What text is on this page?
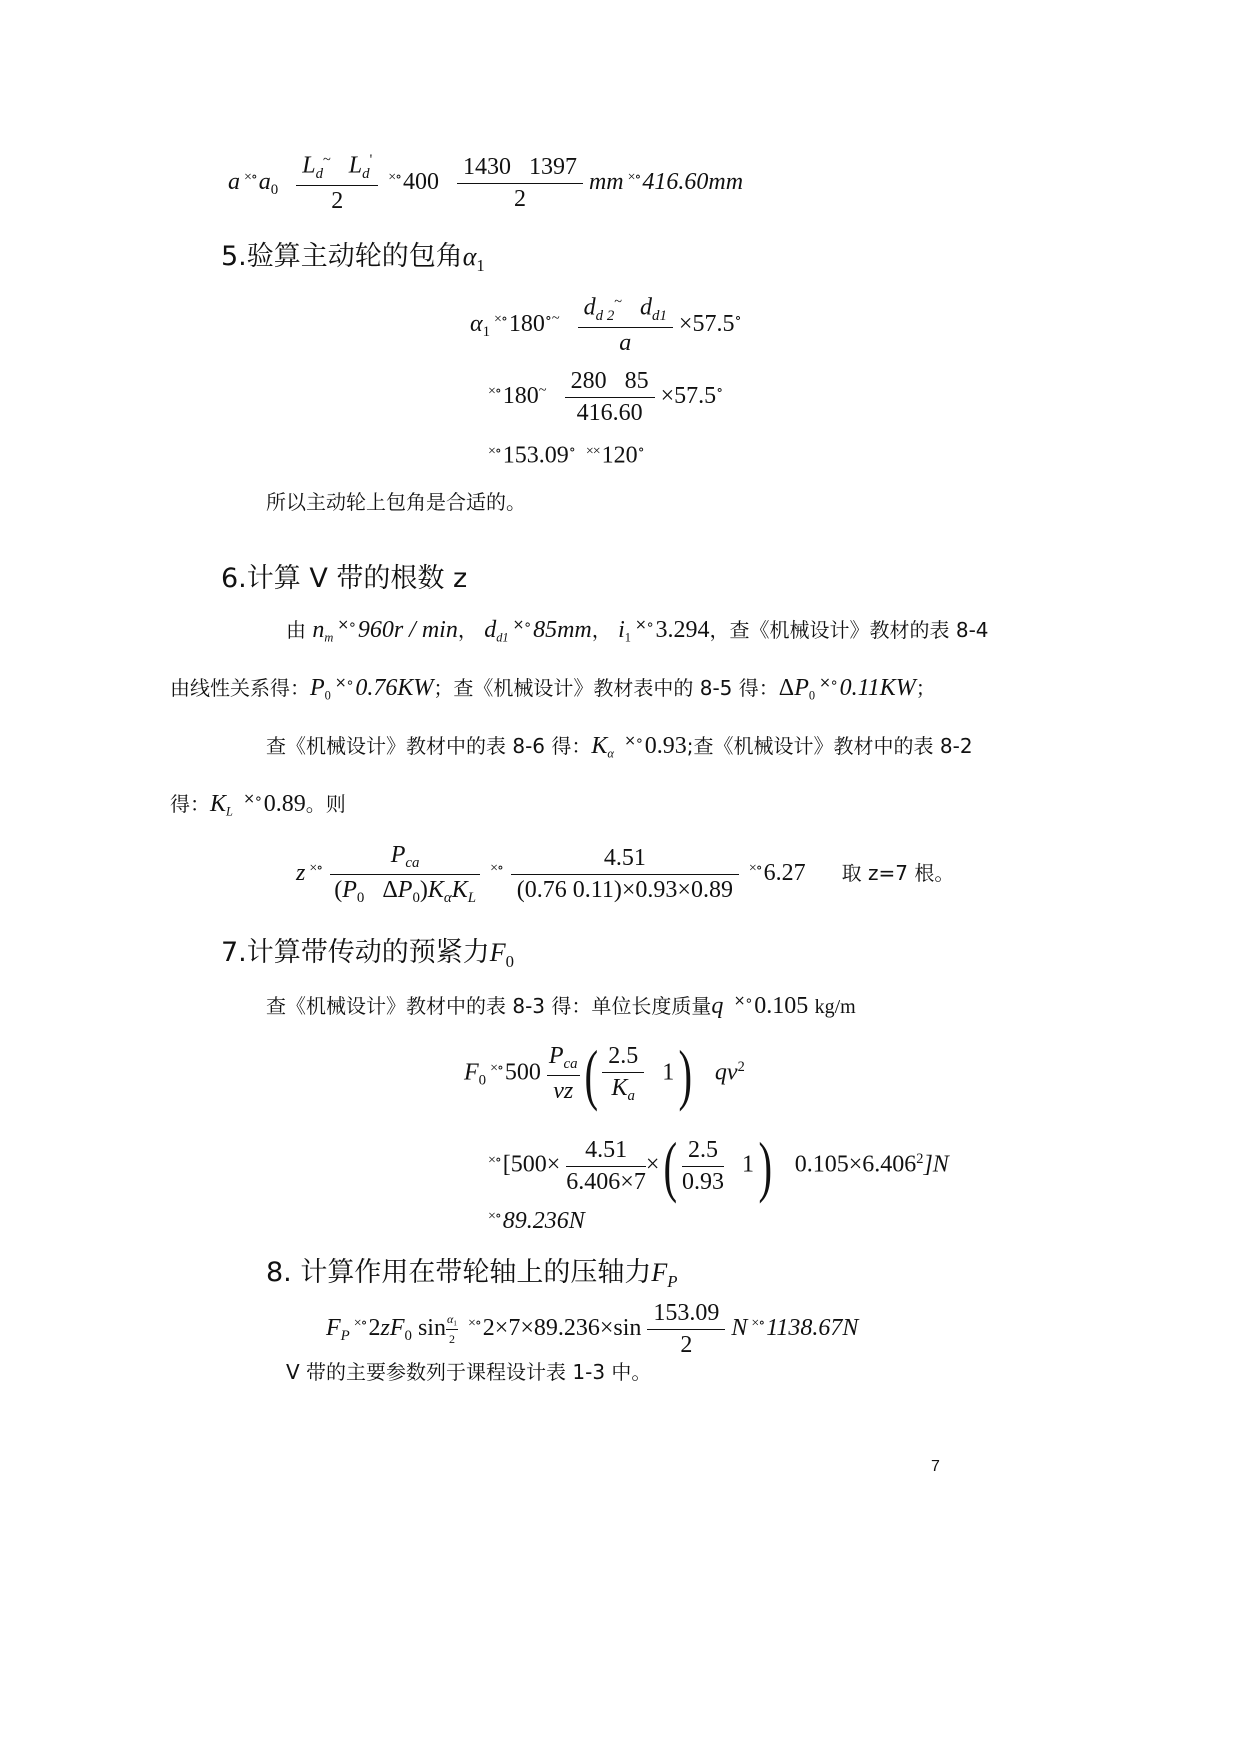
a $^{\times\circ}a_0 \frac{L_d^\sim L_d'}{2} ^{\times\circ}400 \frac{1430 1397}{2}$ mm ×∘416.60mm
5.验算主动轮的包角$\alpha_1$
$\alpha_1^{\times\circ}180^{\circ\sim} \frac{d_{d 2}^\sim d_{d1}}{a} \times 57.5^\circ$
$^{\times\circ}180^\sim \frac{280 85}{416.60} \times 57.5^\circ$
×∘153.09∘ ××120∘
所以主动轮上包角是合适的。
6.计算 V 带的根数 z
由 $n_m^{\times\circ}960r$ / min， $d_{d1}^{\times\circ}85mm$， $i_1^{\times\circ}3.294$，查《机械设计》教材的表 8-4
由线性关系得：$P_0^{\times\circ}0.76KW$；查《机械设计》教材表中的 8-5 得：$\Delta P_0^{\times\circ}0.11KW$；
查《机械设计》教材中的表 8-6 得：$K_\alpha$ ×∘0.93;查《机械设计》教材中的表 8-2
得：$K_L$ ×∘0.89。则
z $^{\times\circ} \frac{P_{ca}}{(P_0 \Delta P_0)K_\alpha K_L} ^{\times\circ} \frac{4.51}{(0.76 0.11)\times 0.93\times 0.89} ^{\times\circ}6.27$ 取 z=7 根。
7.计算带传动的预紧力$F_0$
查《机械设计》教材中的表 8-3 得：单位长度质量q ×∘0.105 kg/m
$F_0^{\times\circ}500 \frac{P_{ca}}{vz}$ ( $\frac{2.5}{K_a} 1$) $qv^2$
$^{\times\circ}[500\times \frac{4.51}{6.406\times 7}$ ×( $\frac{2.5}{0.93} 1$) $0.105\times 6.406^2]N$
×∘89.236N
8. 计算作用在带轮轴上的压轴力$F_P$
$F_P^{\times\circ}2zF_0$ $\sin \frac{\alpha_1}{2} ^{\times\circ}2\times 7\times 89.236\times\sin \frac{153.09}{2}$ N ×∘1138.67N
V 带的主要参数列于课程设计表 1-3 中。
7
